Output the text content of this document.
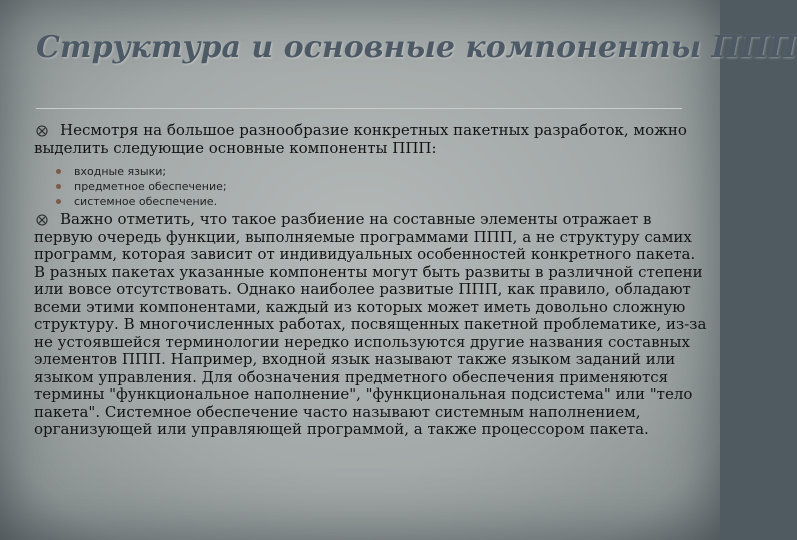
Структура и основные компоненты ППП

Несмотря на большое разнообразие конкретных пакетных разработок, можно выделить следующие основные компоненты ППП:

входные языки;
предметное обеспечение;
системное обеспечение.

Важно отметить, что такое разбиение на составные элементы отражает в первую очередь функции, выполняемые программами ППП, а не структуру самих программ, которая зависит от индивидуальных особенностей конкретного пакета. В разных пакетах указанные компоненты могут быть развиты в различной степени или вовсе отсутствовать. Однако наиболее развитые ППП, как правило, обладают всеми этими компонентами, каждый из которых может иметь довольно сложную структуру. В многочисленных работах, посвященных пакетной проблематике, из-за не устоявшейся терминологии нередко используются другие названия составных элементов ППП. Например, входной язык называют также языком заданий или языком управления. Для обозначения предметного обеспечения применяются термины "функциональное наполнение", "функциональная подсистема" или "тело пакета". Системное обеспечение часто называют системным наполнением, организующей или управляющей программой, а также процессором пакета.
